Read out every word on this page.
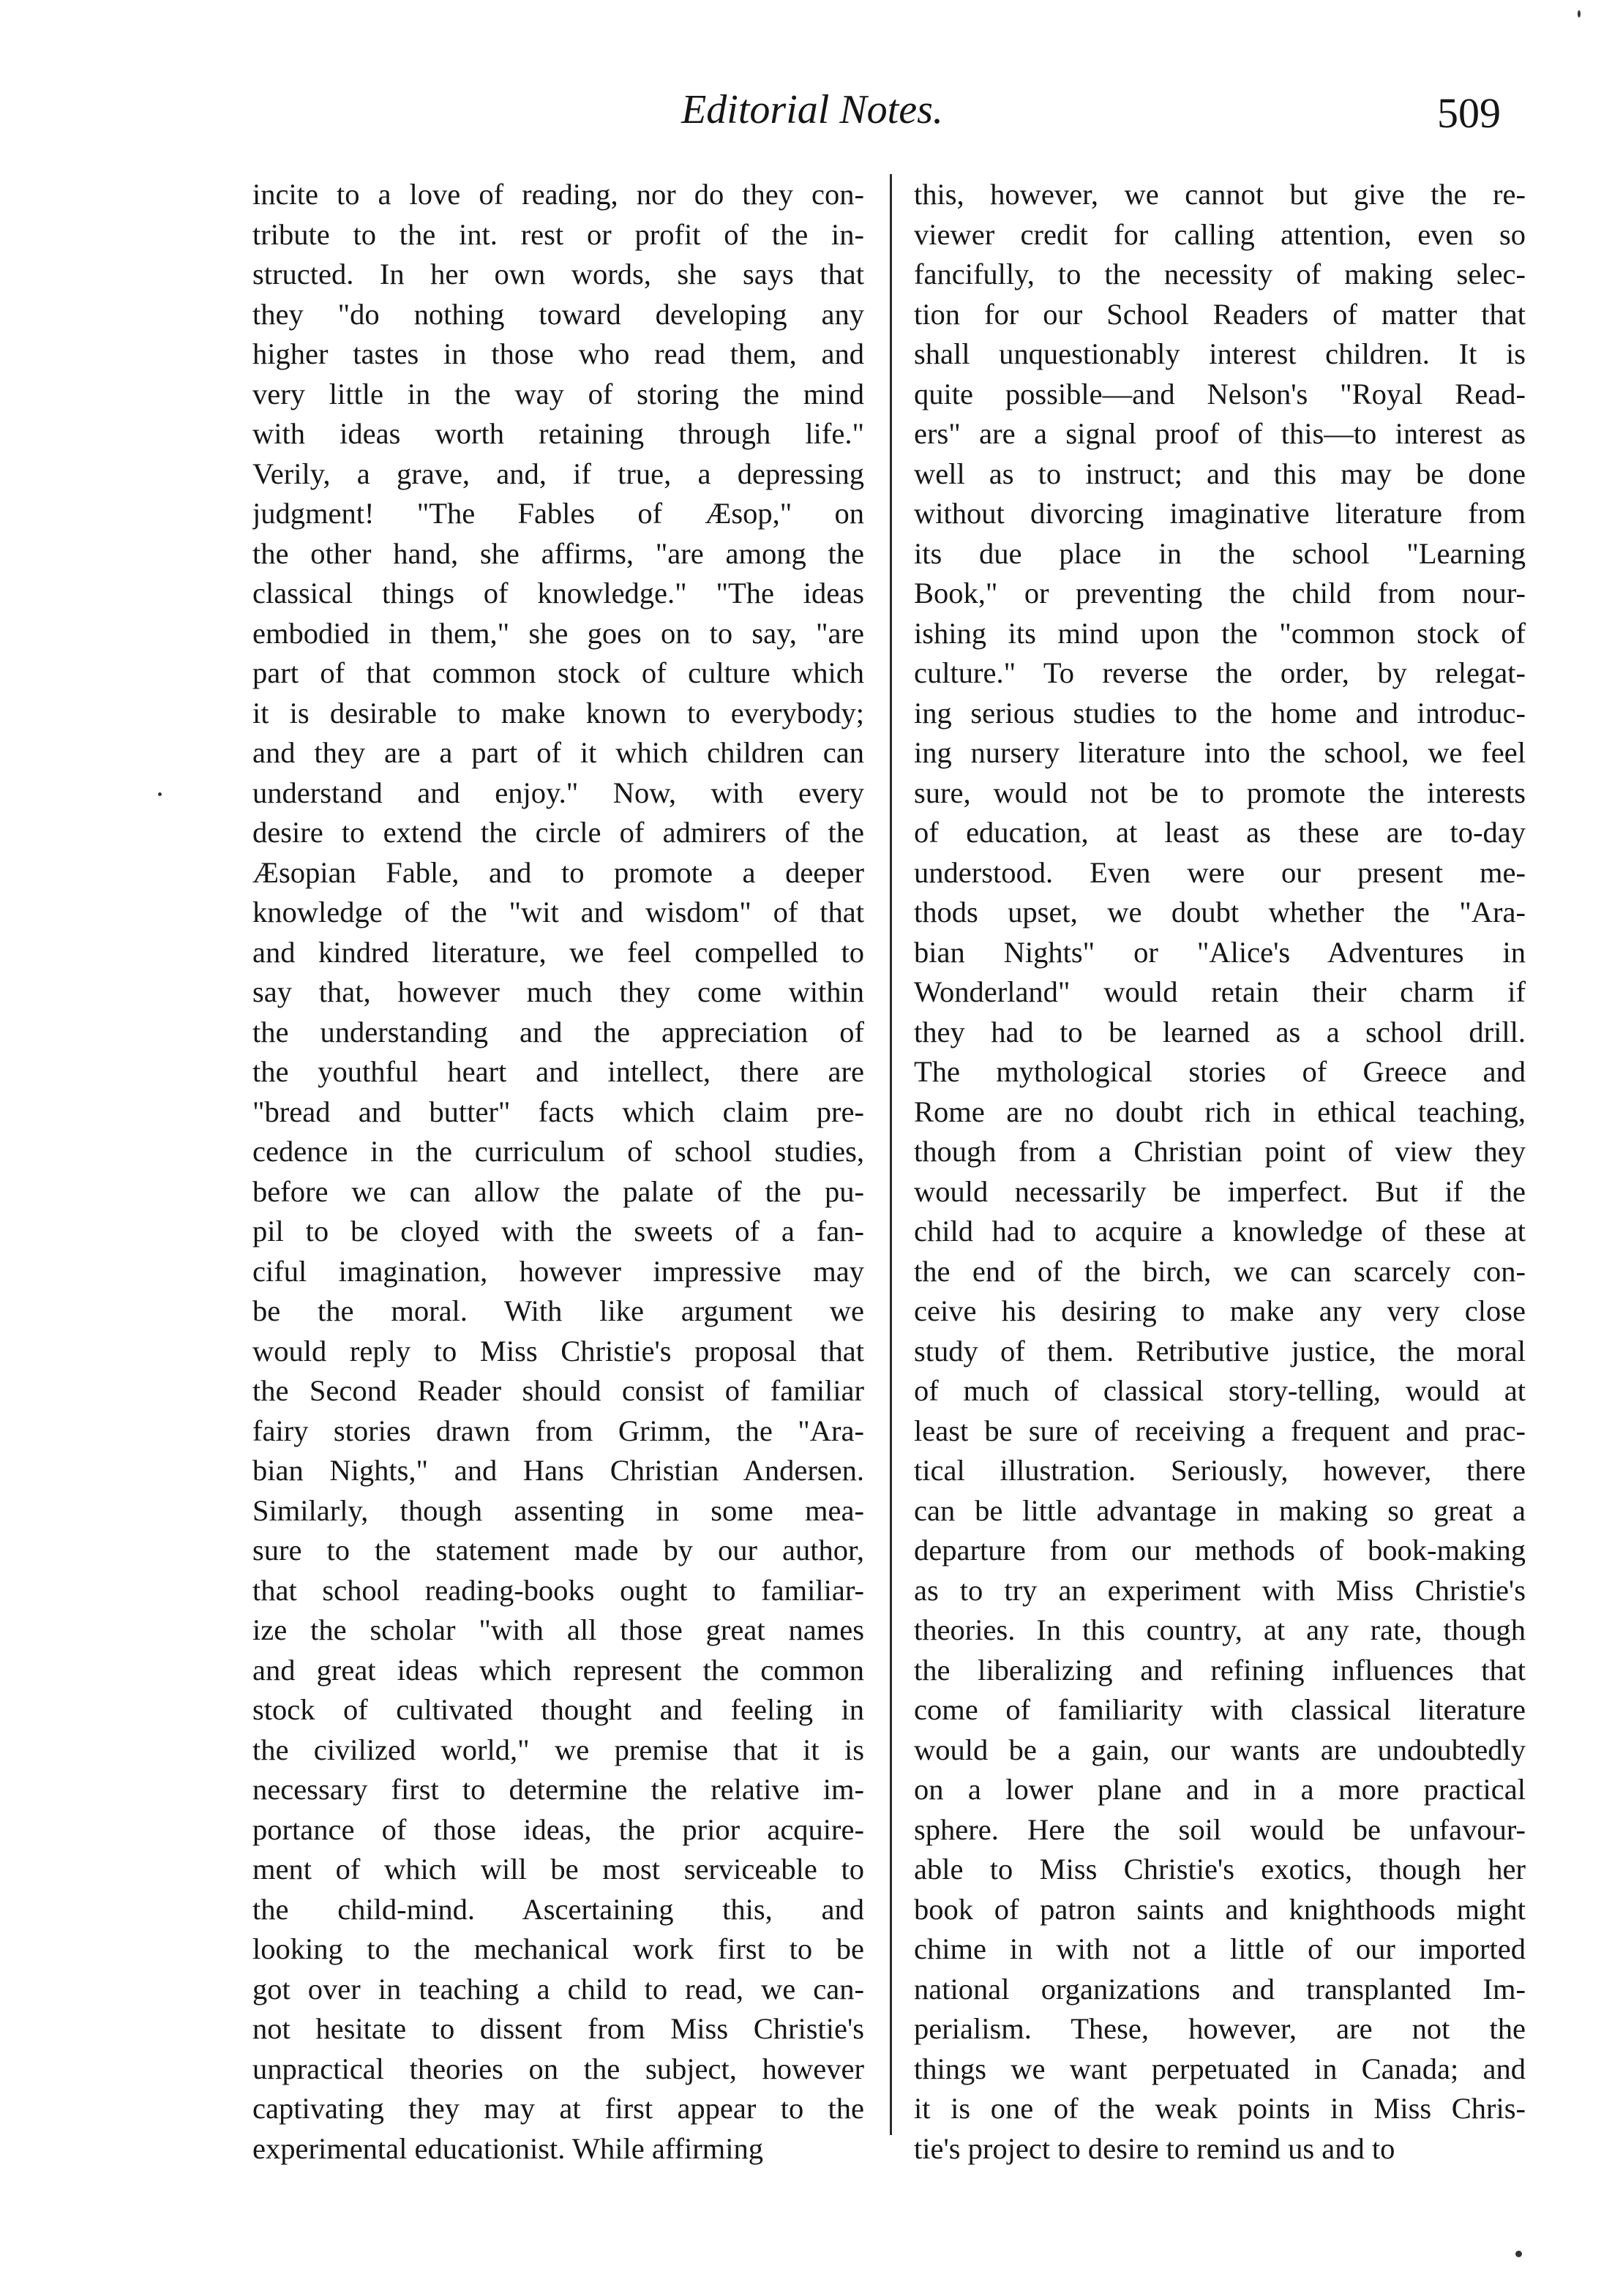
Editorial Notes.	509
incite to a love of reading, nor do they con-
tribute to the int. rest or profit of the in-
structed. In her own words, she says that
they "do nothing toward developing any
higher tastes in those who read them, and
very little in the way of storing the mind
with ideas worth retaining through life."
Verily, a grave, and, if true, a depressing
judgment! "The Fables of Æsop," on
the other hand, she affirms, "are among the
classical things of knowledge." "The ideas
embodied in them," she goes on to say, "are
part of that common stock of culture which
it is desirable to make known to everybody;
and they are a part of it which children can
understand and enjoy." Now, with every
desire to extend the circle of admirers of the
Æsopian Fable, and to promote a deeper
knowledge of the "wit and wisdom" of that
and kindred literature, we feel compelled to
say that, however much they come within
the understanding and the appreciation of
the youthful heart and intellect, there are
"bread and butter" facts which claim pre-
cedence in the curriculum of school studies,
before we can allow the palate of the pu-
pil to be cloyed with the sweets of a fan-
ciful imagination, however impressive may
be the moral. With like argument we
would reply to Miss Christie's proposal that
the Second Reader should consist of familiar
fairy stories drawn from Grimm, the "Ara-
bian Nights," and Hans Christian Andersen.
Similarly, though assenting in some mea-
sure to the statement made by our author,
that school reading-books ought to familiar-
ize the scholar "with all those great names
and great ideas which represent the common
stock of cultivated thought and feeling in
the civilized world," we premise that it is
necessary first to determine the relative im-
portance of those ideas, the prior acquire-
ment of which will be most serviceable to
the child-mind. Ascertaining this, and
looking to the mechanical work first to be
got over in teaching a child to read, we can-
not hesitate to dissent from Miss Christie's
unpractical theories on the subject, however
captivating they may at first appear to the
experimental educationist. While affirming
this, however, we cannot but give the re-
viewer credit for calling attention, even so
fancifully, to the necessity of making selec-
tion for our School Readers of matter that
shall unquestionably interest children. It is
quite possible—and Nelson's "Royal Read-
ers" are a signal proof of this—to interest as
well as to instruct; and this may be done
without divorcing imaginative literature from
its due place in the school "Learning
Book," or preventing the child from nour-
ishing its mind upon the "common stock of
culture." To reverse the order, by relegat-
ing serious studies to the home and introduc-
ing nursery literature into the school, we feel
sure, would not be to promote the interests
of education, at least as these are to-day
understood. Even were our present me-
thods upset, we doubt whether the "Ara-
bian Nights" or "Alice's Adventures in
Wonderland" would retain their charm if
they had to be learned as a school drill.
The mythological stories of Greece and
Rome are no doubt rich in ethical teaching,
though from a Christian point of view they
would necessarily be imperfect. But if the
child had to acquire a knowledge of these at
the end of the birch, we can scarcely con-
ceive his desiring to make any very close
study of them. Retributive justice, the moral
of much of classical story-telling, would at
least be sure of receiving a frequent and prac-
tical illustration. Seriously, however, there
can be little advantage in making so great a
departure from our methods of book-making
as to try an experiment with Miss Christie's
theories. In this country, at any rate, though
the liberalizing and refining influences that
come of familiarity with classical literature
would be a gain, our wants are undoubtedly
on a lower plane and in a more practical
sphere. Here the soil would be unfavour-
able to Miss Christie's exotics, though her
book of patron saints and knighthoods might
chime in with not a little of our imported
national organizations and transplanted Im-
perialism. These, however, are not the
things we want perpetuated in Canada; and
it is one of the weak points in Miss Chris-
tie's project to desire to remind us and to
